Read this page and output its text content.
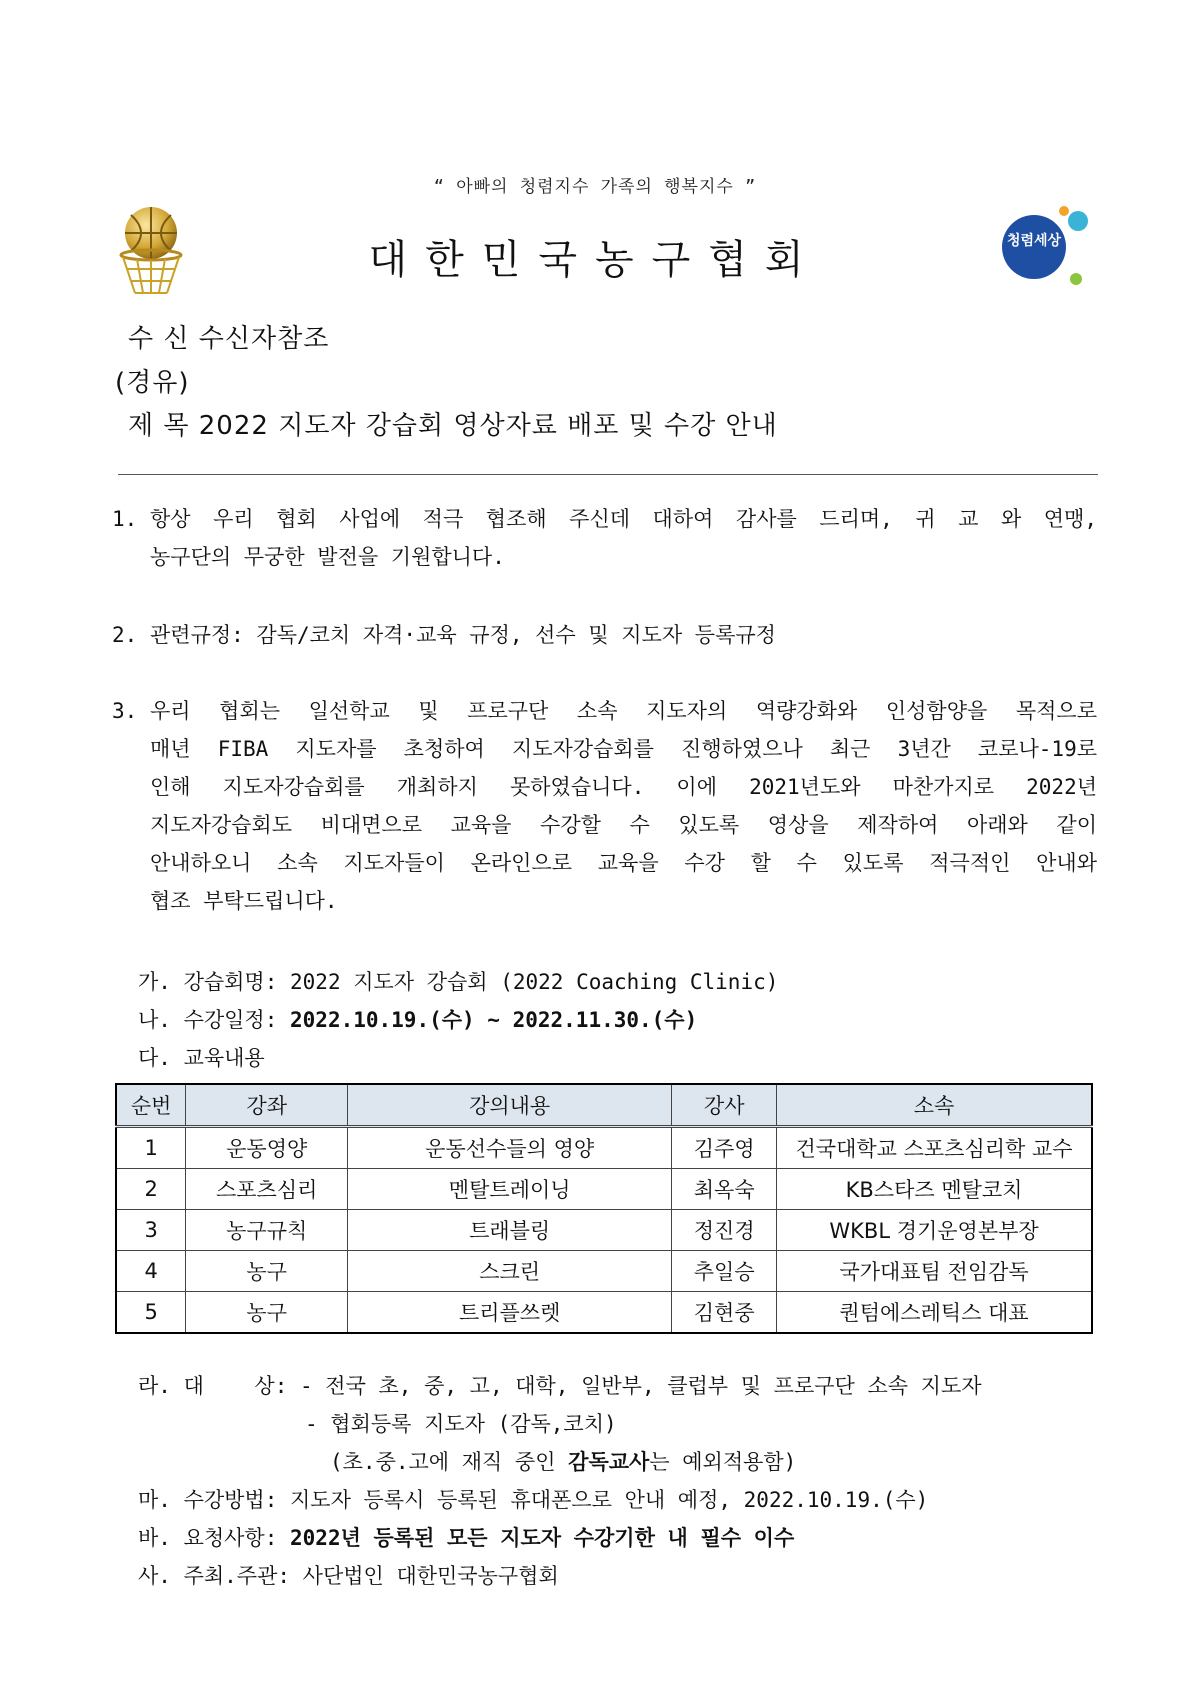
“ 아빠의 청렴지수 가족의 행복지수 ”
대한민국농구협회	청렴세상
수 신 수신자참조
(경유)
제 목 2022 지도자 강습회 영상자료 배포 및 수강 안내
1. 항상 우리 협회 사업에 적극 협조해 주신데 대하여 감사를 드리며, 귀 교 와 연맹,
농구단의 무궁한 발전을 기원합니다.
2. 관련규정: 감독/코치 자격·교육 규정, 선수 및 지도자 등록규정
3. 우리 협회는 일선학교 및 프로구단 소속 지도자의 역량강화와 인성함양을 목적으로
매년 FIBA 지도자를 초청하여 지도자강습회를 진행하였으나 최근 3년간 코로나-19로
인해 지도자강습회를 개최하지 못하였습니다. 이에 2021년도와 마찬가지로 2022년
지도자강습회도 비대면으로 교육을 수강할 수 있도록 영상을 제작하여 아래와 같이
안내하오니 소속 지도자들이 온라인으로 교육을 수강 할 수 있도록 적극적인 안내와
협조 부탁드립니다.
가. 강습회명: 2022 지도자 강습회 (2022 Coaching Clinic)
나. 수강일정: 2022.10.19.(수) ~ 2022.11.30.(수)
다. 교육내용
순번	강좌	강의내용	강사	소속
1	운동영양	운동선수들의 영양	김주영	건국대학교 스포츠심리학 교수
2	스포츠심리	멘탈트레이닝	최옥숙	KB스타즈 멘탈코치
3	농구규칙	트래블링	정진경	WKBL 경기운영본부장
4	농구	스크린	추일승	국가대표팀 전임감독
5	농구	트리플쓰렛	김현중	퀀텀에스레틱스 대표
라. 대    상: - 전국 초, 중, 고, 대학, 일반부, 클럽부 및 프로구단 소속 지도자
- 협회등록 지도자 (감독,코치)
(초.중.고에 재직 중인 감독교사는 예외적용함)
마. 수강방법: 지도자 등록시 등록된 휴대폰으로 안내 예정, 2022.10.19.(수)
바. 요청사항: 2022년 등록된 모든 지도자 수강기한 내 필수 이수
사. 주최.주관: 사단법인 대한민국농구협회
